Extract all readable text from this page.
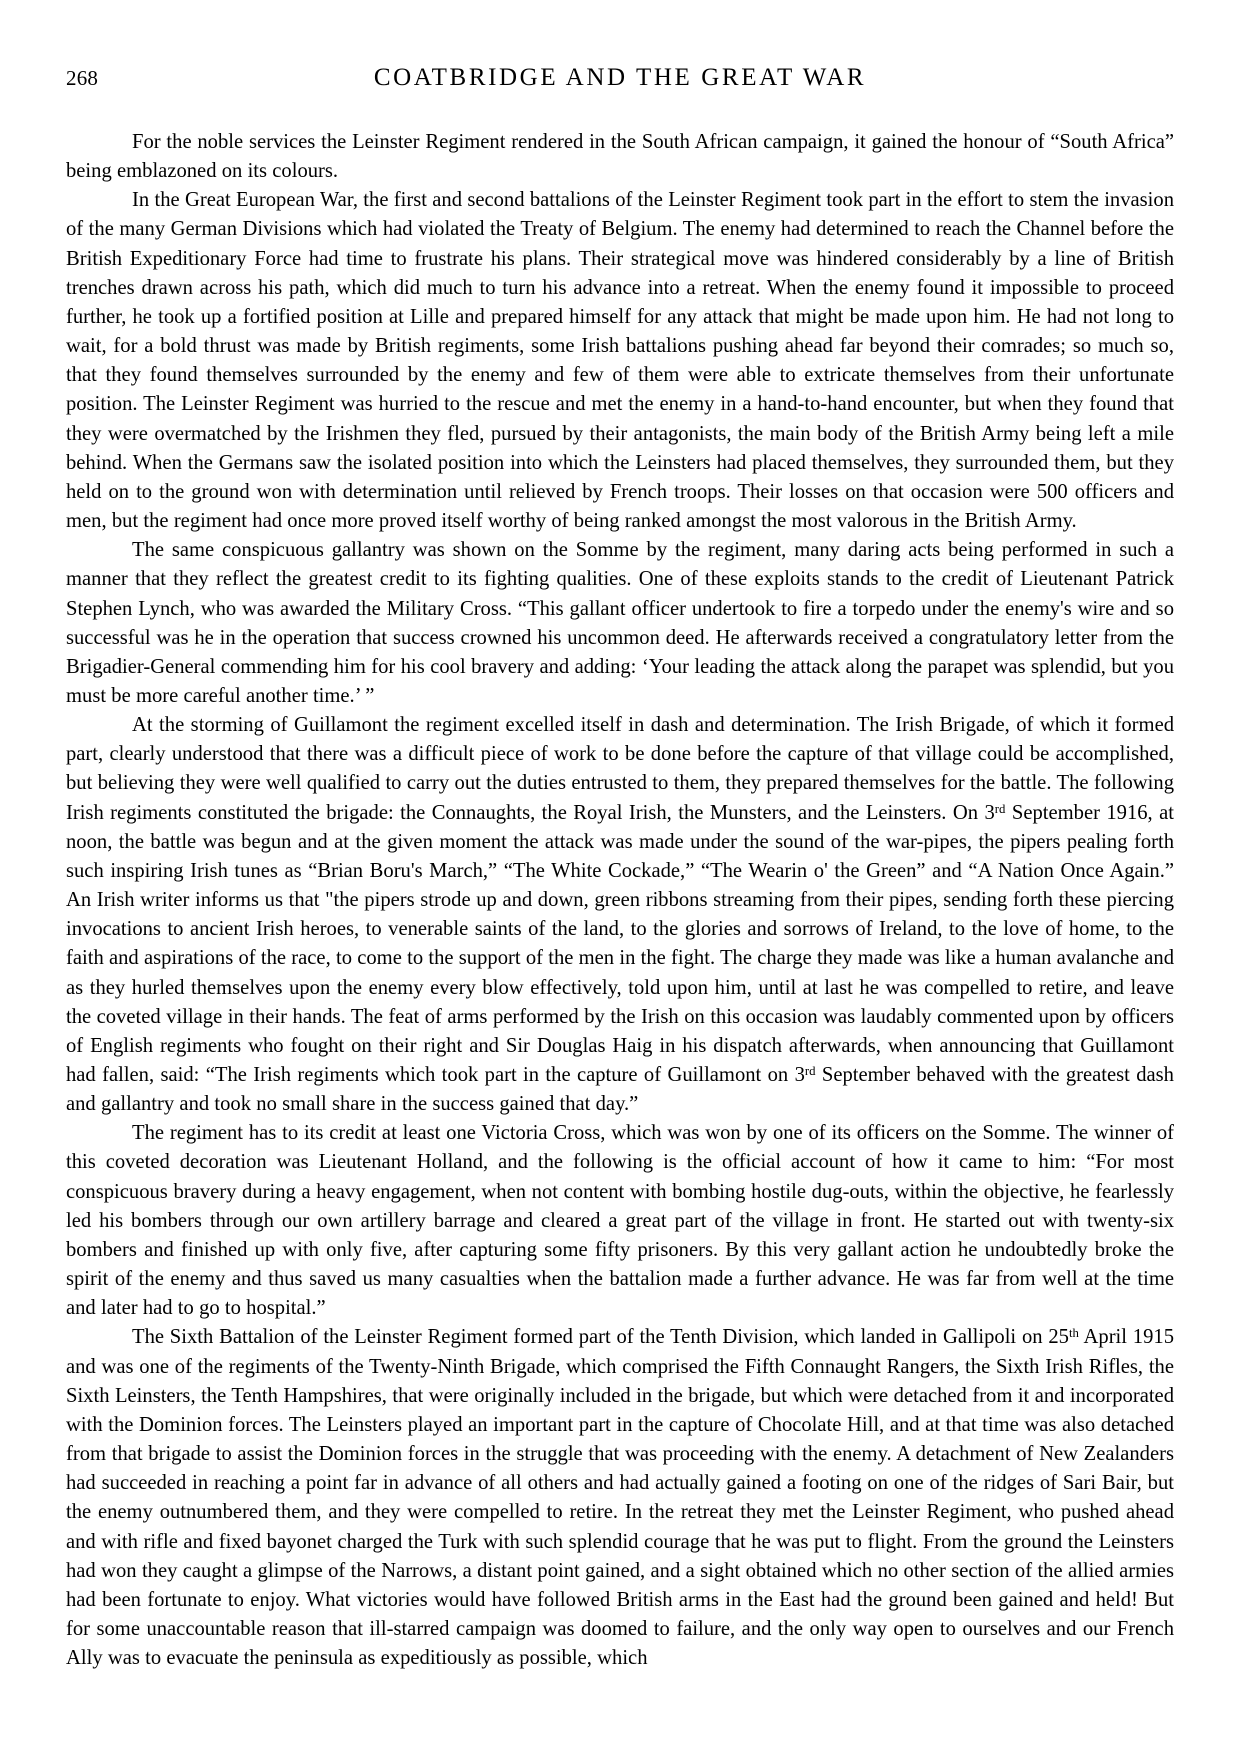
268	COATBRIDGE AND THE GREAT WAR

For the noble services the Leinster Regiment rendered in the South African campaign, it gained the honour of “South Africa” being emblazoned on its colours.

In the Great European War, the first and second battalions of the Leinster Regiment took part in the effort to stem the invasion of the many German Divisions which had violated the Treaty of Belgium. The enemy had determined to reach the Channel before the British Expeditionary Force had time to frustrate his plans. Their strategical move was hindered considerably by a line of British trenches drawn across his path, which did much to turn his advance into a retreat. When the enemy found it impossible to proceed further, he took up a fortified position at Lille and prepared himself for any attack that might be made upon him. He had not long to wait, for a bold thrust was made by British regiments, some Irish battalions pushing ahead far beyond their comrades; so much so, that they found themselves surrounded by the enemy and few of them were able to extricate themselves from their unfortunate position. The Leinster Regiment was hurried to the rescue and met the enemy in a hand-to-hand encounter, but when they found that they were overmatched by the Irishmen they fled, pursued by their antagonists, the main body of the British Army being left a mile behind. When the Germans saw the isolated position into which the Leinsters had placed themselves, they surrounded them, but they held on to the ground won with determination until relieved by French troops. Their losses on that occasion were 500 officers and men, but the regiment had once more proved itself worthy of being ranked amongst the most valorous in the British Army.

The same conspicuous gallantry was shown on the Somme by the regiment, many daring acts being performed in such a manner that they reflect the greatest credit to its fighting qualities. One of these exploits stands to the credit of Lieutenant Patrick Stephen Lynch, who was awarded the Military Cross. “This gallant officer undertook to fire a torpedo under the enemy's wire and so successful was he in the operation that success crowned his uncommon deed. He afterwards received a congratulatory letter from the Brigadier-General commending him for his cool bravery and adding: ‘Your leading the attack along the parapet was splendid, but you must be more careful another time.’ ”

At the storming of Guillamont the regiment excelled itself in dash and determination. The Irish Brigade, of which it formed part, clearly understood that there was a difficult piece of work to be done before the capture of that village could be accomplished, but believing they were well qualified to carry out the duties entrusted to them, they prepared themselves for the battle. The following Irish regiments constituted the brigade: the Connaughts, the Royal Irish, the Munsters, and the Leinsters. On 3rd September 1916, at noon, the battle was begun and at the given moment the attack was made under the sound of the war-pipes, the pipers pealing forth such inspiring Irish tunes as “Brian Boru's March,” “The White Cockade,” “The Wearin o' the Green” and “A Nation Once Again.” An Irish writer informs us that "the pipers strode up and down, green ribbons streaming from their pipes, sending forth these piercing invocations to ancient Irish heroes, to venerable saints of the land, to the glories and sorrows of Ireland, to the love of home, to the faith and aspirations of the race, to come to the support of the men in the fight. The charge they made was like a human avalanche and as they hurled themselves upon the enemy every blow effectively, told upon him, until at last he was compelled to retire, and leave the coveted village in their hands. The feat of arms performed by the Irish on this occasion was laudably commented upon by officers of English regiments who fought on their right and Sir Douglas Haig in his dispatch afterwards, when announcing that Guillamont had fallen, said: “The Irish regiments which took part in the capture of Guillamont on 3rd September behaved with the greatest dash and gallantry and took no small share in the success gained that day.”

The regiment has to its credit at least one Victoria Cross, which was won by one of its officers on the Somme. The winner of this coveted decoration was Lieutenant Holland, and the following is the official account of how it came to him: “For most conspicuous bravery during a heavy engagement, when not content with bombing hostile dug-outs, within the objective, he fearlessly led his bombers through our own artillery barrage and cleared a great part of the village in front. He started out with twenty-six bombers and finished up with only five, after capturing some fifty prisoners. By this very gallant action he undoubtedly broke the spirit of the enemy and thus saved us many casualties when the battalion made a further advance. He was far from well at the time and later had to go to hospital.”

The Sixth Battalion of the Leinster Regiment formed part of the Tenth Division, which landed in Gallipoli on 25th April 1915 and was one of the regiments of the Twenty-Ninth Brigade, which comprised the Fifth Connaught Rangers, the Sixth Irish Rifles, the Sixth Leinsters, the Tenth Hampshires, that were originally included in the brigade, but which were detached from it and incorporated with the Dominion forces. The Leinsters played an important part in the capture of Chocolate Hill, and at that time was also detached from that brigade to assist the Dominion forces in the struggle that was proceeding with the enemy. A detachment of New Zealanders had succeeded in reaching a point far in advance of all others and had actually gained a footing on one of the ridges of Sari Bair, but the enemy outnumbered them, and they were compelled to retire. In the retreat they met the Leinster Regiment, who pushed ahead and with rifle and fixed bayonet charged the Turk with such splendid courage that he was put to flight. From the ground the Leinsters had won they caught a glimpse of the Narrows, a distant point gained, and a sight obtained which no other section of the allied armies had been fortunate to enjoy. What victories would have followed British arms in the East had the ground been gained and held! But for some unaccountable reason that ill-starred campaign was doomed to failure, and the only way open to ourselves and our French Ally was to evacuate the peninsula as expeditiously as possible, which
